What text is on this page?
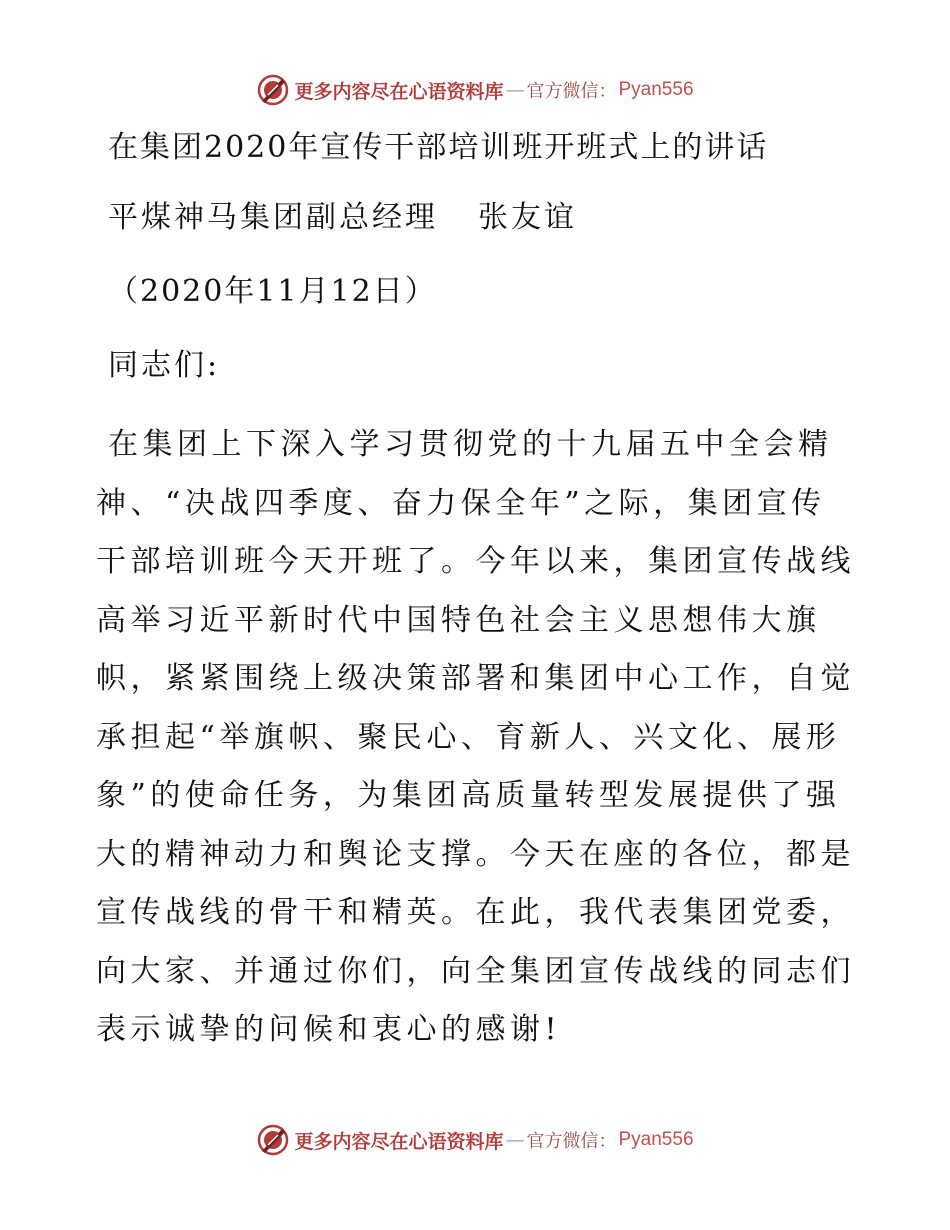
更多内容尽在心语资料库 — 官方微信： Pyan556
在集团2020年宣传干部培训班开班式上的讲话
平煤神马集团副总经理 张友谊
（2020年11月12日）
同志们:
在集团上下深入学习贯彻党的十九届五中全会精
神、“决战四季度、奋力保全年”之际，集团宣传
干部培训班今天开班了。今年以来，集团宣传战线
高举习近平新时代中国特色社会主义思想伟大旗
帜，紧紧围绕上级决策部署和集团中心工作，自觉
承担起“举旗帜、聚民心、育新人、兴文化、展形
象”的使命任务，为集团高质量转型发展提供了强
大的精神动力和舆论支撑。今天在座的各位，都是
宣传战线的骨干和精英。在此，我代表集团党委，
向大家、并通过你们，向全集团宣传战线的同志们
表示诚挚的问候和衷心的感谢!
更多内容尽在心语资料库 — 官方微信： Pyan556
